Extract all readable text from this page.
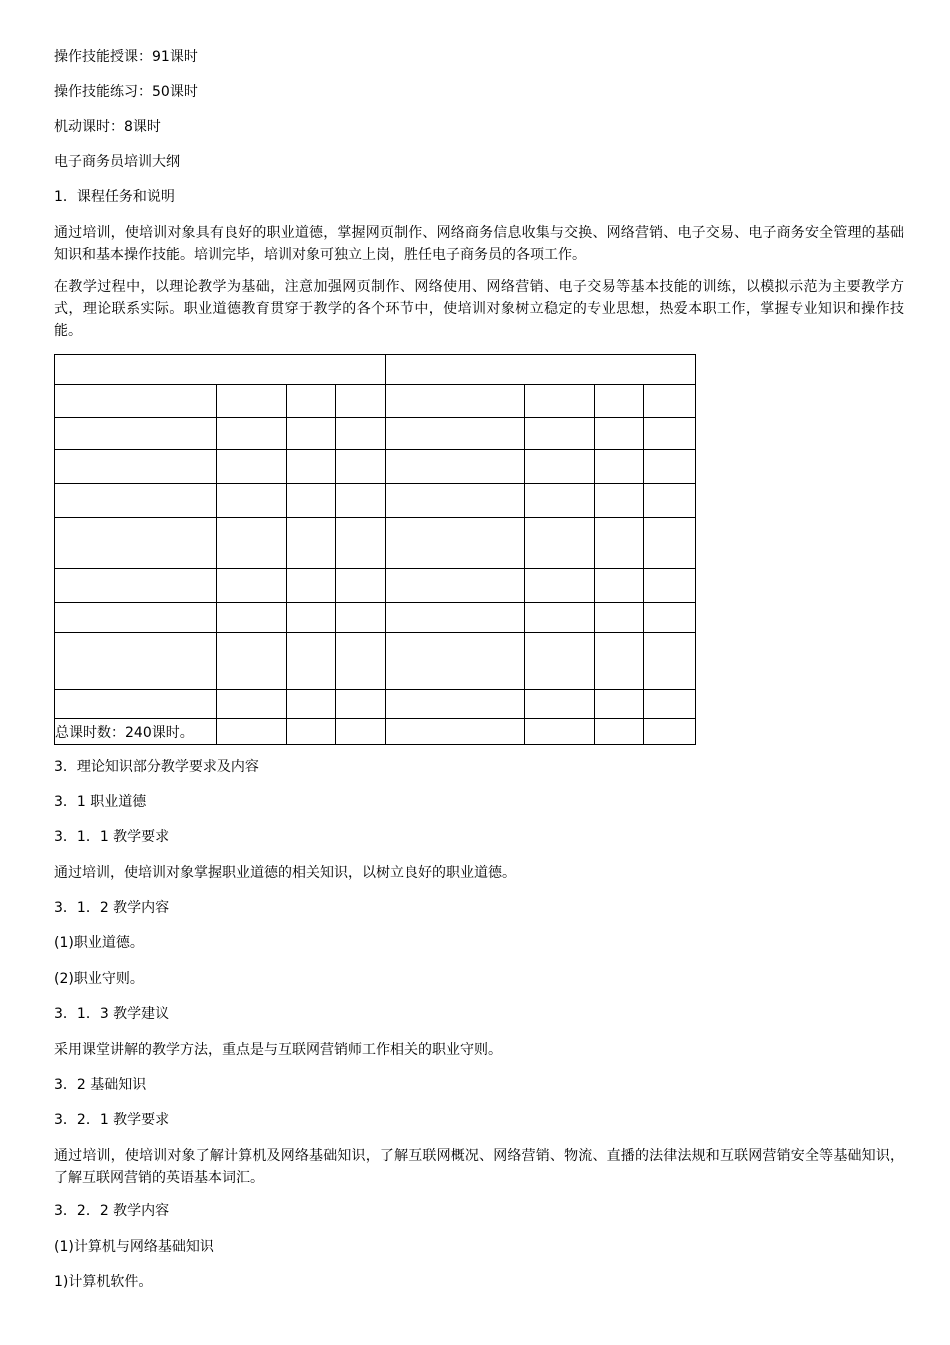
操作技能授课：91课时
操作技能练习：50课时
机动课时：8课时
电子商务员培训大纲
1．课程任务和说明
通过培训，使培训对象具有良好的职业道德，掌握网页制作、网络商务信息收集与交换、网络营销、电子交易、电子商务安全管理的基础知识和基本操作技能。培训完毕，培训对象可独立上岗，胜任电子商务员的各项工作。
在教学过程中，以理论教学为基础，注意加强网页制作、网络使用、网络营销、电子交易等基本技能的训练，以模拟示范为主要教学方式，理论联系实际。职业道德教育贯穿于教学的各个环节中，使培训对象树立稳定的专业思想，热爱本职工作，掌握专业知识和操作技能。

总课时数：240课时。							
3．理论知识部分教学要求及内容
3．1 职业道德
3．1．1 教学要求
通过培训，使培训对象掌握职业道德的相关知识，以树立良好的职业道德。
3．1．2 教学内容
(1)职业道德。
(2)职业守则。
3．1．3 教学建议
采用课堂讲解的教学方法，重点是与互联网营销师工作相关的职业守则。
3．2 基础知识
3．2．1 教学要求
通过培训，使培训对象了解计算机及网络基础知识，了解互联网概况、网络营销、物流、直播的法律法规和互联网营销安全等基础知识，了解互联网营销的英语基本词汇。
3．2．2 教学内容
(1)计算机与网络基础知识
1)计算机软件。
